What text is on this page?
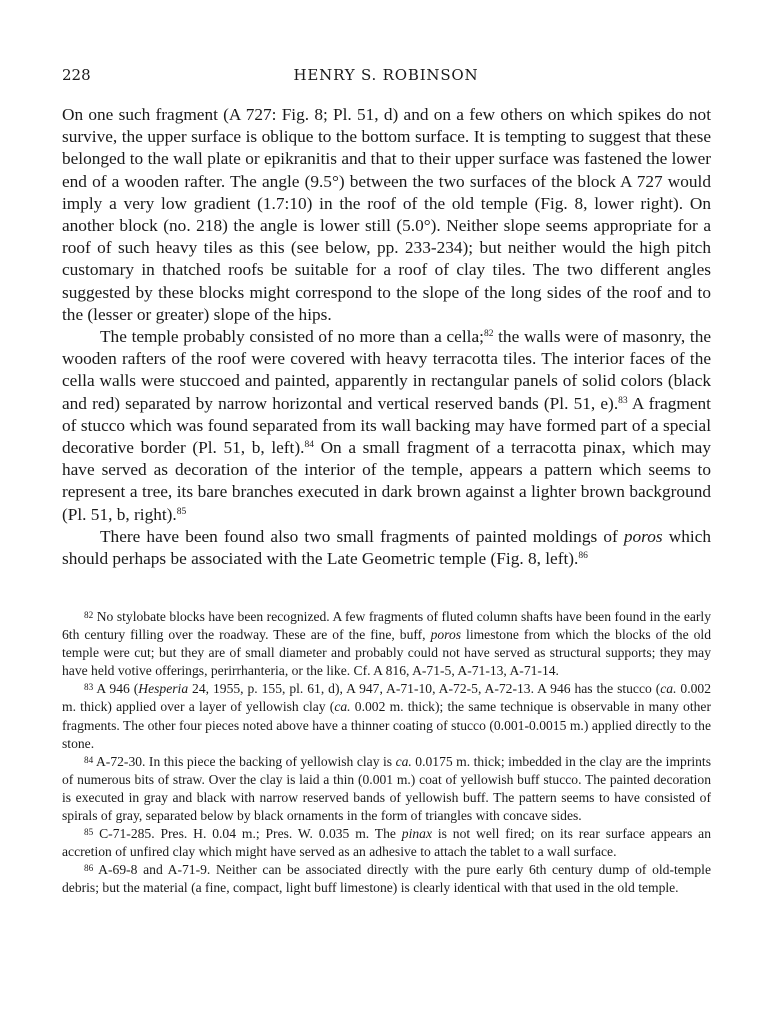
228	HENRY S. ROBINSON

On one such fragment (A 727: Fig. 8; Pl. 51, d) and on a few others on which spikes do not survive, the upper surface is oblique to the bottom surface. It is tempting to suggest that these belonged to the wall plate or epikranitis and that to their upper surface was fastened the lower end of a wooden rafter. The angle (9.5°) between the two surfaces of the block A 727 would imply a very low gradient (1.7:10) in the roof of the old temple (Fig. 8, lower right). On another block (no. 218) the angle is lower still (5.0°). Neither slope seems appropriate for a roof of such heavy tiles as this (see below, pp. 233-234); but neither would the high pitch customary in thatched roofs be suitable for a roof of clay tiles. The two different angles suggested by these blocks might correspond to the slope of the long sides of the roof and to the (lesser or greater) slope of the hips.

The temple probably consisted of no more than a cella;$^{82}$ the walls were of masonry, the wooden rafters of the roof were covered with heavy terracotta tiles. The interior faces of the cella walls were stuccoed and painted, apparently in rectangular panels of solid colors (black and red) separated by narrow horizontal and vertical reserved bands (Pl. 51, e).$^{83}$ A fragment of stucco which was found separated from its wall backing may have formed part of a special decorative border (Pl. 51, b, left).$^{84}$ On a small fragment of a terracotta pinax, which may have served as decoration of the interior of the temple, appears a pattern which seems to represent a tree, its bare branches executed in dark brown against a lighter brown background (Pl. 51, b, right).$^{85}$

There have been found also two small fragments of painted moldings of poros which should perhaps be associated with the Late Geometric temple (Fig. 8, left).$^{86}$

$^{82}$ No stylobate blocks have been recognized. A few fragments of fluted column shafts have been found in the early 6th century filling over the roadway. These are of the fine, buff, poros limestone from which the blocks of the old temple were cut; but they are of small diameter and probably could not have served as structural supports; they may have held votive offerings, perirrhanteria, or the like. Cf. A 816, A-71-5, A-71-13, A-71-14.

$^{83}$ A 946 (Hesperia 24, 1955, p. 155, pl. 61, d), A 947, A-71-10, A-72-5, A-72-13. A 946 has the stucco (ca. 0.002 m. thick) applied over a layer of yellowish clay (ca. 0.002 m. thick); the same technique is observable in many other fragments. The other four pieces noted above have a thinner coating of stucco (0.001-0.0015 m.) applied directly to the stone.

$^{84}$ A-72-30. In this piece the backing of yellowish clay is ca. 0.0175 m. thick; imbedded in the clay are the imprints of numerous bits of straw. Over the clay is laid a thin (0.001 m.) coat of yellowish buff stucco. The painted decoration is executed in gray and black with narrow reserved bands of yellowish buff. The pattern seems to have consisted of spirals of gray, separated below by black ornaments in the form of triangles with concave sides.

$^{85}$ C-71-285. Pres. H. 0.04 m.; Pres. W. 0.035 m. The pinax is not well fired; on its rear surface appears an accretion of unfired clay which might have served as an adhesive to attach the tablet to a wall surface.

$^{86}$ A-69-8 and A-71-9. Neither can be associated directly with the pure early 6th century dump of old-temple debris; but the material (a fine, compact, light buff limestone) is clearly identical with that used in the old temple.
